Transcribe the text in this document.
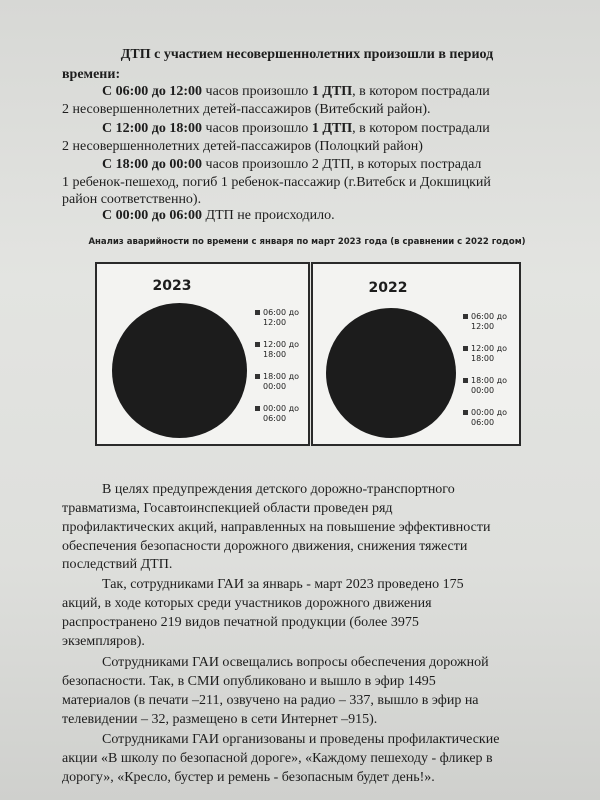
ДТП с участием несовершеннолетних произошли в период

времени:

С 06:00 до 12:00 часов произошло 1 ДТП, в котором пострадали

2 несовершеннолетних детей-пассажиров (Витебский район).

С 12:00 до 18:00 часов произошло 1 ДТП, в котором пострадали

2 несовершеннолетних детей-пассажиров (Полоцкий район)

С 18:00 до 00:00 часов произошло 2 ДТП, в которых пострадал

1 ребенок-пешеход, погиб 1 ребенок-пассажир (г.Витебск и Докшицкий

район соответственно).

С 00:00 до 06:00 ДТП не происходило.

Анализ аварийности по времени с января по март 2023 года (в сравнении с 2022 годом)
2023
06:00 до
12:00
12:00 до
18:00
18:00 до
00:00
00:00 до
06:00
2022
06:00 до
12:00
12:00 до
18:00
18:00 до
00:00
00:00 до
06:00

В целях предупреждения детского дорожно-транспортного

травматизма, Госавтоинспекцией области проведен ряд

профилактических акций, направленных на повышение эффективности

обеспечения безопасности дорожного движения, снижения тяжести

последствий ДТП.

Так, сотрудниками ГАИ за январь - март 2023 проведено 175

акций, в ходе которых среди участников дорожного движения

распространено 219 видов печатной продукции (более 3975

экземпляров).

Сотрудниками ГАИ освещались вопросы обеспечения дорожной

безопасности. Так, в СМИ опубликовано и вышло в эфир 1495

материалов (в печати –211, озвучено на радио – 337, вышло в эфир на

телевидении – 32, размещено в сети Интернет –915).

Сотрудниками ГАИ организованы и проведены профилактические

акции «В школу по безопасной дороге», «Каждому пешеходу - фликер в

дорогу», «Кресло, бустер и ремень - безопасным будет день!».
